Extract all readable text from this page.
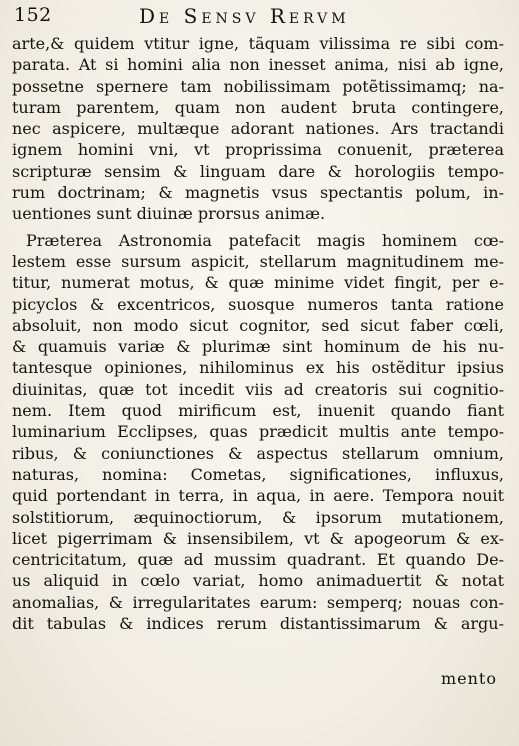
152	De Sensv Rervm
arte,& quidem vtitur igne, tãquam vilissima re sibi com-
parata. At si homini alia non inesset anima, nisi ab igne,
possetne spernere tam nobilissimam potẽtissimamq; na-
turam parentem, quam non audent bruta contingere,
nec aspicere, multæque adorant nationes. Ars tractandi
ignem homini vni, vt proprissima conuenit, præterea
scripturæ sensim & linguam dare & horologiis tempo-
rum doctrinam; & magnetis vsus spectantis polum, in-
uentiones sunt diuinæ prorsus animæ.
Præterea Astronomia patefacit magis hominem cœ-
lestem esse sursum aspicit, stellarum magnitudinem me-
titur, numerat motus, & quæ minime videt fingit, per e-
picyclos & excentricos, suosque numeros tanta ratione
absoluit, non modo sicut cognitor, sed sicut faber cœli,
& quamuis variæ & plurimæ sint hominum de his nu-
tantesque opiniones, nihilominus ex his ostẽditur ipsius
diuinitas, quæ tot incedit viis ad creatoris sui cognitio-
nem. Item quod mirificum est, inuenit quando fiant
luminarium Ecclipses, quas prædicit multis ante tempo-
ribus, & coniunctiones & aspectus stellarum omnium,
naturas, nomina: Cometas, significationes, influxus,
quid portendant in terra, in aqua, in aere. Tempora nouit
solstitiorum, æquinoctiorum, & ipsorum mutationem,
licet pigerrimam & insensibilem, vt & apogeorum & ex-
centricitatum, quæ ad mussim quadrant. Et quando De-
us aliquid in cœlo variat, homo animaduertit & notat
anomalias, & irregularitates earum: semperq; nouas con-
dit tabulas & indices rerum distantissimarum & argu-
mento
